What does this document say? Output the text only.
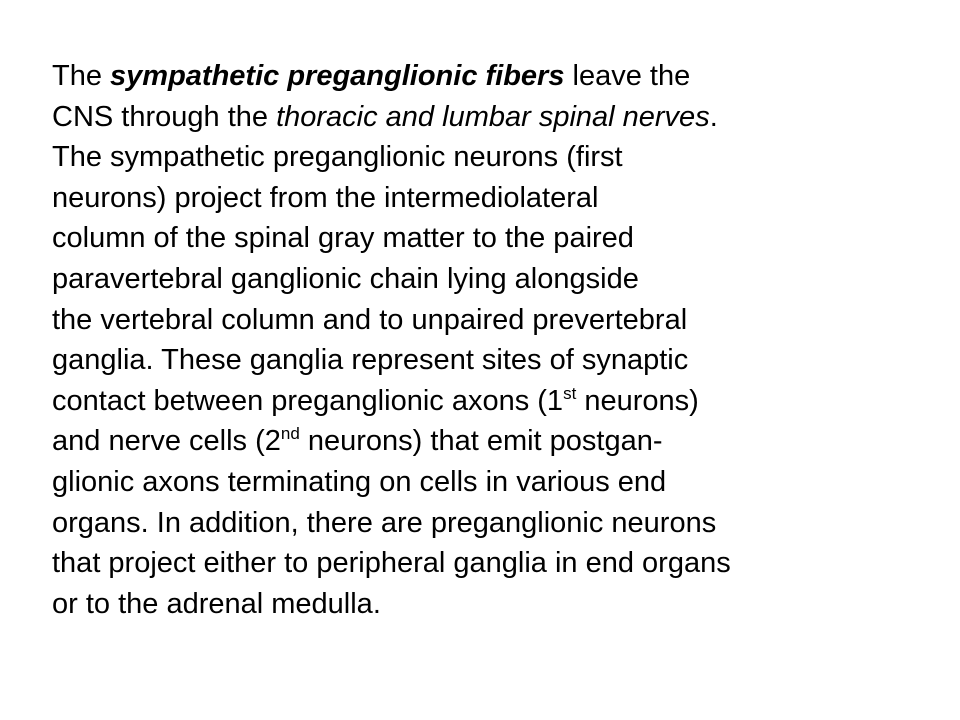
The sympathetic preganglionic fibers leave the
CNS through the thoracic and lumbar spinal nerves.
The sympathetic preganglionic neurons (first
neurons) project from the intermediolateral
column of the spinal gray matter to the paired
paravertebral ganglionic chain lying alongside
the vertebral column and to unpaired prevertebral
ganglia. These ganglia represent sites of synaptic
contact between preganglionic axons (1st neurons)
and nerve cells (2nd neurons) that emit postgan-
glionic axons terminating on cells in various end
organs. In addition, there are preganglionic neurons
that project either to peripheral ganglia in end organs
or to the adrenal medulla.
